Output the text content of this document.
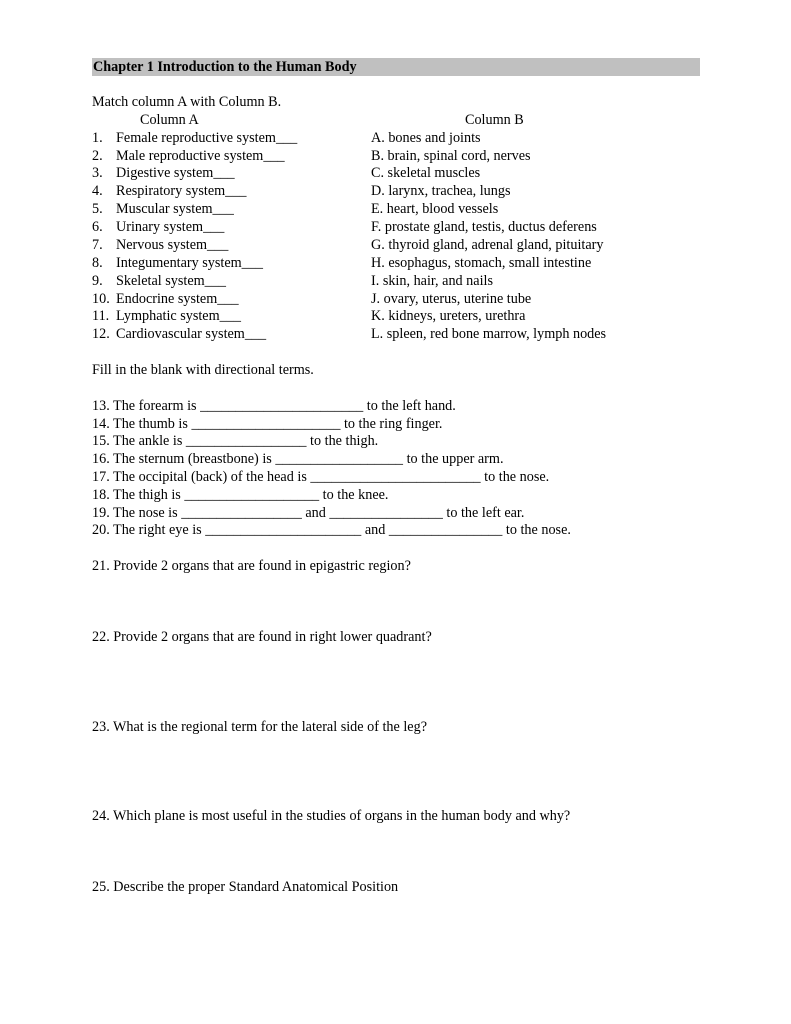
Chapter 1 Introduction to the Human Body
Match column A with Column B.
Column A	Column B
1. Female reproductive system___	A. bones and joints
2. Male reproductive system___	B. brain, spinal cord, nerves
3. Digestive system___	C. skeletal muscles
4. Respiratory system___	D. larynx, trachea, lungs
5. Muscular system___	E. heart, blood vessels
6. Urinary system___	F. prostate gland, testis, ductus deferens
7. Nervous system___	G. thyroid gland, adrenal gland, pituitary
8. Integumentary system___	H. esophagus, stomach, small intestine
9. Skeletal system___	I. skin, hair, and nails
10. Endocrine system___	J. ovary, uterus, uterine tube
11. Lymphatic system___	K. kidneys, ureters, urethra
12. Cardiovascular system___	L. spleen, red bone marrow, lymph nodes
Fill in the blank with directional terms.
13. The forearm is _______________________ to the left hand.
14. The thumb is _____________________ to the ring finger.
15. The ankle is _________________ to the thigh.
16. The sternum (breastbone) is __________________ to the upper arm.
17. The occipital (back) of the head is ________________________ to the nose.
18. The thigh is ___________________ to the knee.
19. The nose is _________________ and ________________ to the left ear.
20. The right eye is ______________________ and ________________ to the nose.
21. Provide 2 organs that are found in epigastric region?
22. Provide 2 organs that are found in right lower quadrant?
23. What is the regional term for the lateral side of the leg?
24. Which plane is most useful in the studies of organs in the human body and why?
25. Describe the proper Standard Anatomical Position
